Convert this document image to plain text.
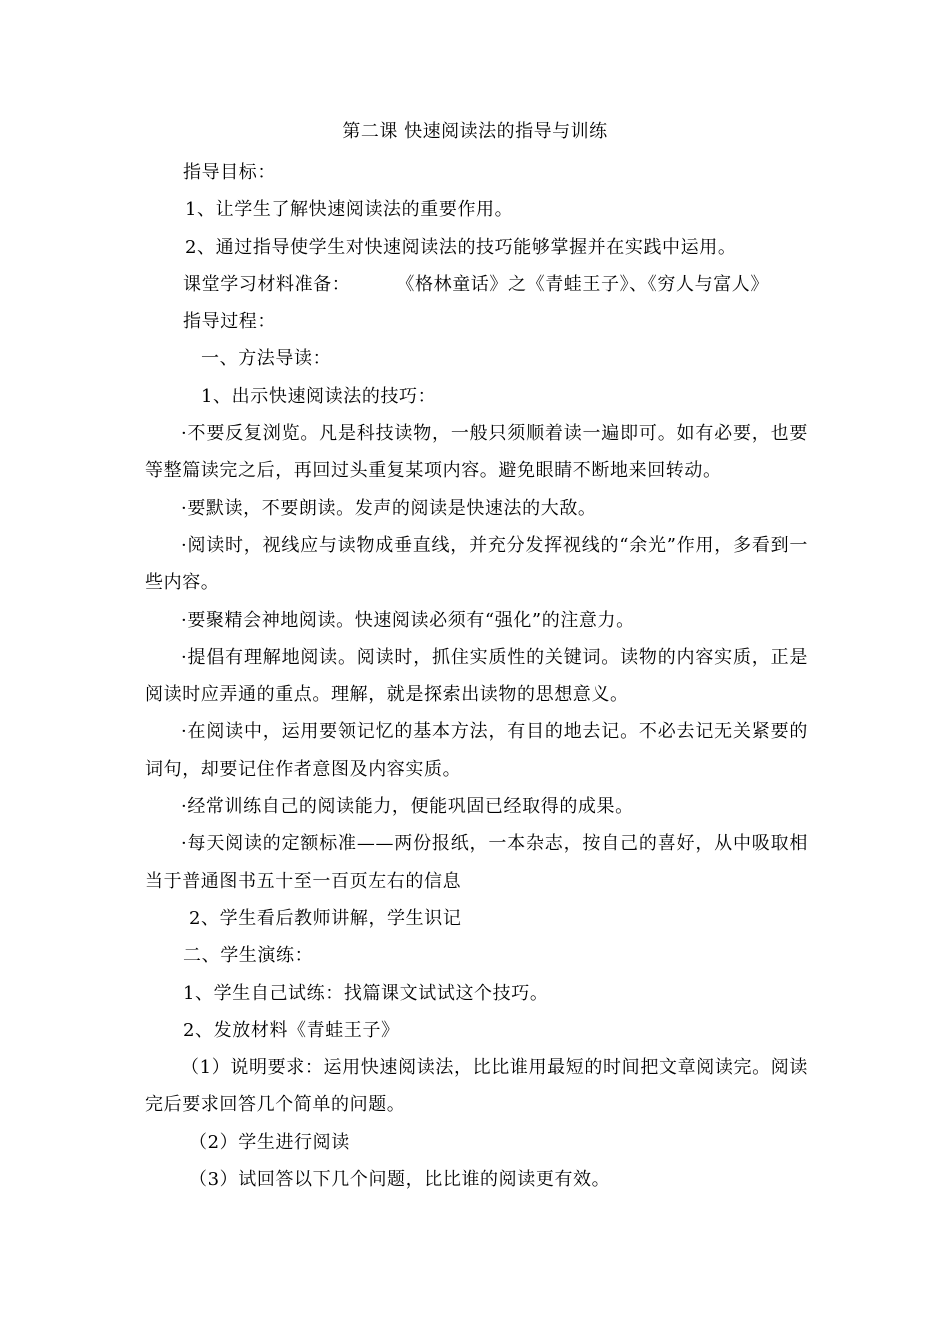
第二课 快速阅读法的指导与训练

指导目标：

1、让学生了解快速阅读法的重要作用。

2、通过指导使学生对快速阅读法的技巧能够掌握并在实践中运用。

课堂学习材料准备：	《格林童话》之《青蛙王子》、《穷人与富人》

指导过程：

一、方法导读：

1、出示快速阅读法的技巧：

·不要反复浏览。凡是科技读物，一般只须顺着读一遍即可。如有必要，也要等整篇读完之后，再回过头重复某项内容。避免眼睛不断地来回转动。

·要默读，不要朗读。发声的阅读是快速法的大敌。

·阅读时，视线应与读物成垂直线，并充分发挥视线的“余光”作用，多看到一些内容。

·要聚精会神地阅读。快速阅读必须有“强化”的注意力。

·提倡有理解地阅读。阅读时，抓住实质性的关键词。读物的内容实质，正是阅读时应弄通的重点。理解，就是探索出读物的思想意义。

·在阅读中，运用要领记忆的基本方法，有目的地去记。不必去记无关紧要的词句，却要记住作者意图及内容实质。

·经常训练自己的阅读能力，便能巩固已经取得的成果。

·每天阅读的定额标准——两份报纸，一本杂志，按自己的喜好，从中吸取相当于普通图书五十至一百页左右的信息

2、学生看后教师讲解，学生识记

二、学生演练：

1、学生自己试练：找篇课文试试这个技巧。

2、发放材料《青蛙王子》

（1）说明要求：运用快速阅读法，比比谁用最短的时间把文章阅读完。阅读完后要求回答几个简单的问题。

（2）学生进行阅读

（3）试回答以下几个问题，比比谁的阅读更有效。
